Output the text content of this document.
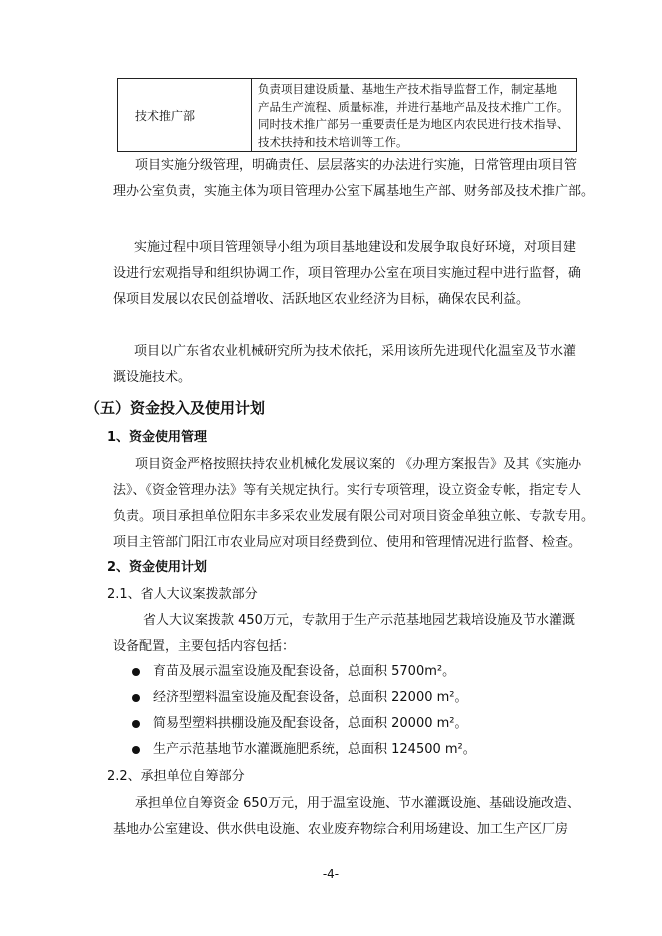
技术推广部

负责项目建设质量、基地生产技术指导监督工作，制定基地

产品生产流程、质量标准，并进行基地产品及技术推广工作。

同时技术推广部另一重要责任是为地区内农民进行技术指导、

技术扶持和技术培训等工作。

项目实施分级管理，明确责任、层层落实的办法进行实施，日常管理由项目管
理办公室负责，实施主体为项目管理办公室下属基地生产部、财务部及技术推广部。
实施过程中项目管理领导小组为项目基地建设和发展争取良好环境，对项目建
设进行宏观指导和组织协调工作，项目管理办公室在项目实施过程中进行监督，确
保项目发展以农民创益增收、活跃地区农业经济为目标，确保农民利益。
项目以广东省农业机械研究所为技术依托，采用该所先进现代化温室及节水灌
溉设施技术。
（五）资金投入及使用计划
1、资金使用管理
项目资金严格按照扶持农业机械化发展议案的 《办理方案报告》及其《实施办
法》、《资金管理办法》等有关规定执行。实行专项管理，设立资金专帐，指定专人
负责。项目承担单位阳东丰多采农业发展有限公司对项目资金单独立帐、专款专用。
项目主管部门阳江市农业局应对项目经费到位、使用和管理情况进行监督、检查。
2、资金使用计划
2.1、省人大议案拨款部分
省人大议案拨款 450万元，专款用于生产示范基地园艺栽培设施及节水灌溉
设备配置，主要包括内容包括：
育苗及展示温室设施及配套设备，总面积 5700m²。
经济型塑料温室设施及配套设备，总面积 22000 m²。
简易型塑料拱棚设施及配套设备，总面积 20000 m²。
生产示范基地节水灌溉施肥系统，总面积 124500 m²。
2.2、承担单位自筹部分
承担单位自筹资金 650万元，用于温室设施、节水灌溉设施、基础设施改造、
基地办公室建设、供水供电设施、农业废弃物综合利用场建设、加工生产区厂房
-4-
